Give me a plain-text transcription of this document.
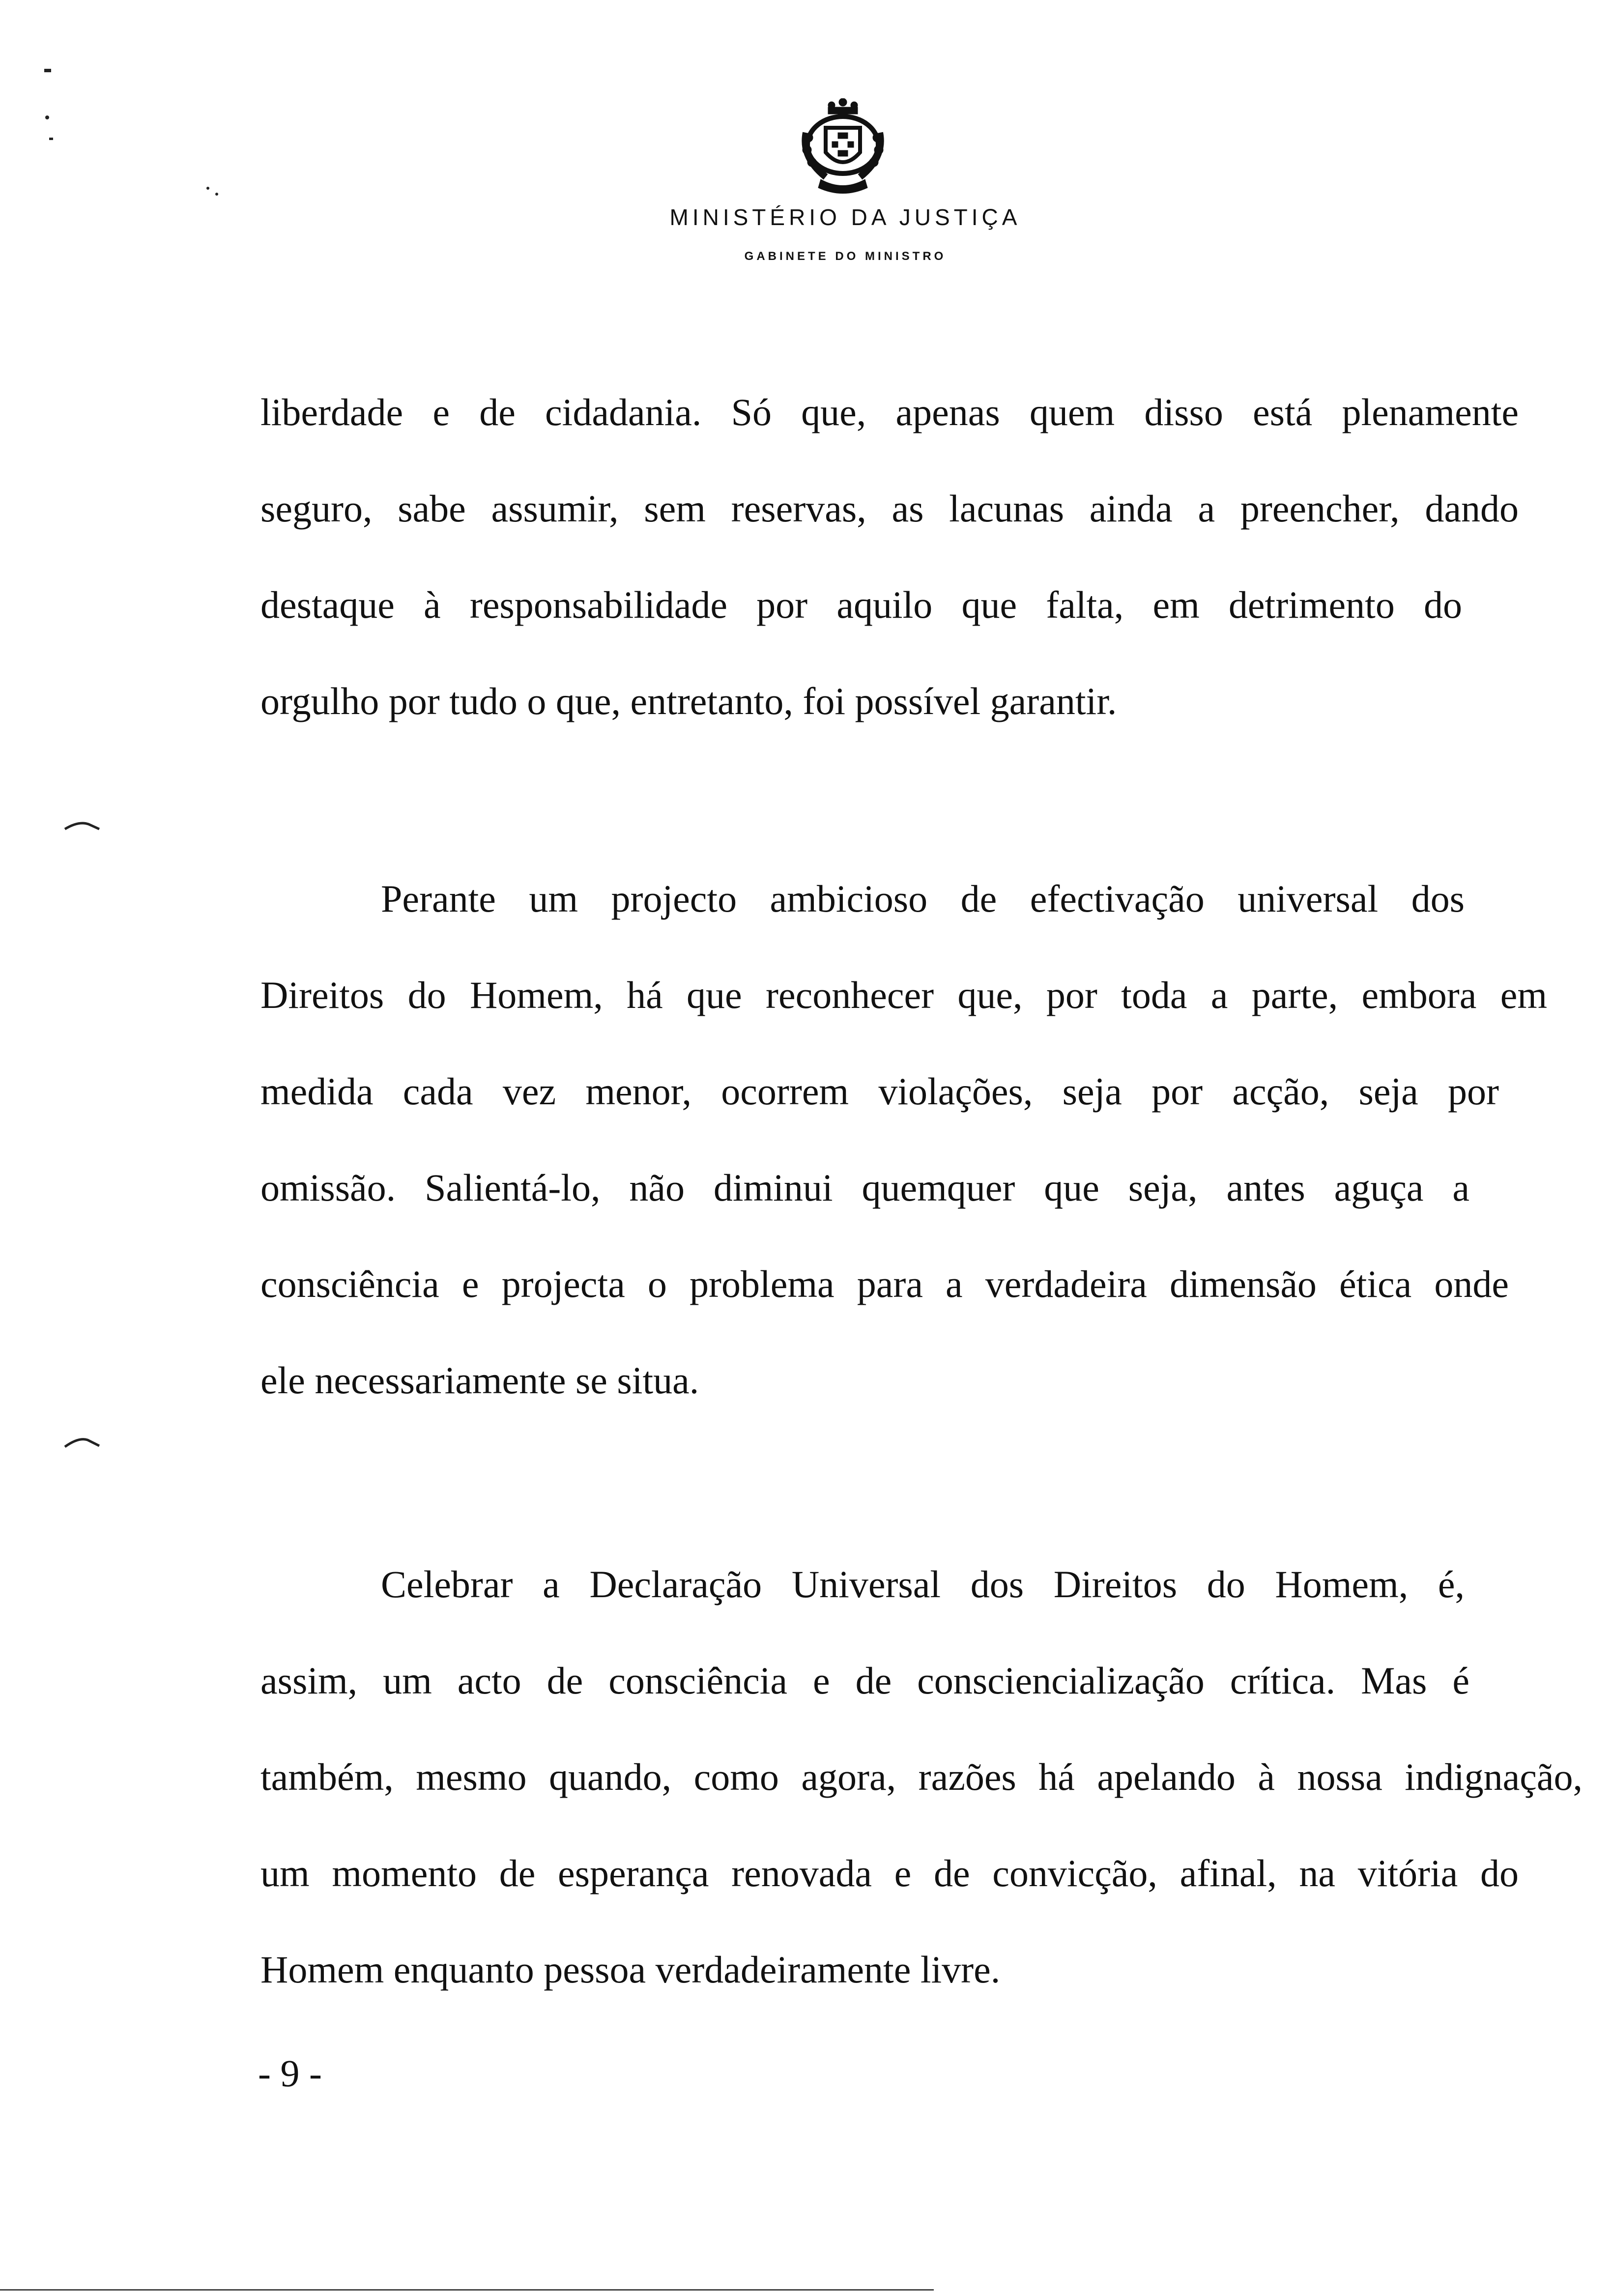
MINISTÉRIO DA JUSTIÇA
GABINETE DO MINISTRO
liberdade e de cidadania. Só que, apenas quem disso está plenamente
seguro, sabe assumir, sem reservas, as lacunas ainda a preencher, dando
destaque à responsabilidade por aquilo que falta, em detrimento do
orgulho por tudo o que, entretanto, foi possível garantir.
Perante um projecto ambicioso de efectivação universal dos
Direitos do Homem, há que reconhecer que, por toda a parte, embora em
medida cada vez menor, ocorrem violações, seja por acção, seja por
omissão. Salientá-lo, não diminui quemquer que seja, antes aguça a
consciência e projecta o problema para a verdadeira dimensão ética onde
ele necessariamente se situa.
Celebrar a Declaração Universal dos Direitos do Homem, é,
assim, um acto de consciência e de consciencialização crítica. Mas é
também, mesmo quando, como agora, razões há apelando à nossa indignação,
um momento de esperança renovada e de convicção, afinal, na vitória do
Homem enquanto pessoa verdadeiramente livre.
- 9 -
